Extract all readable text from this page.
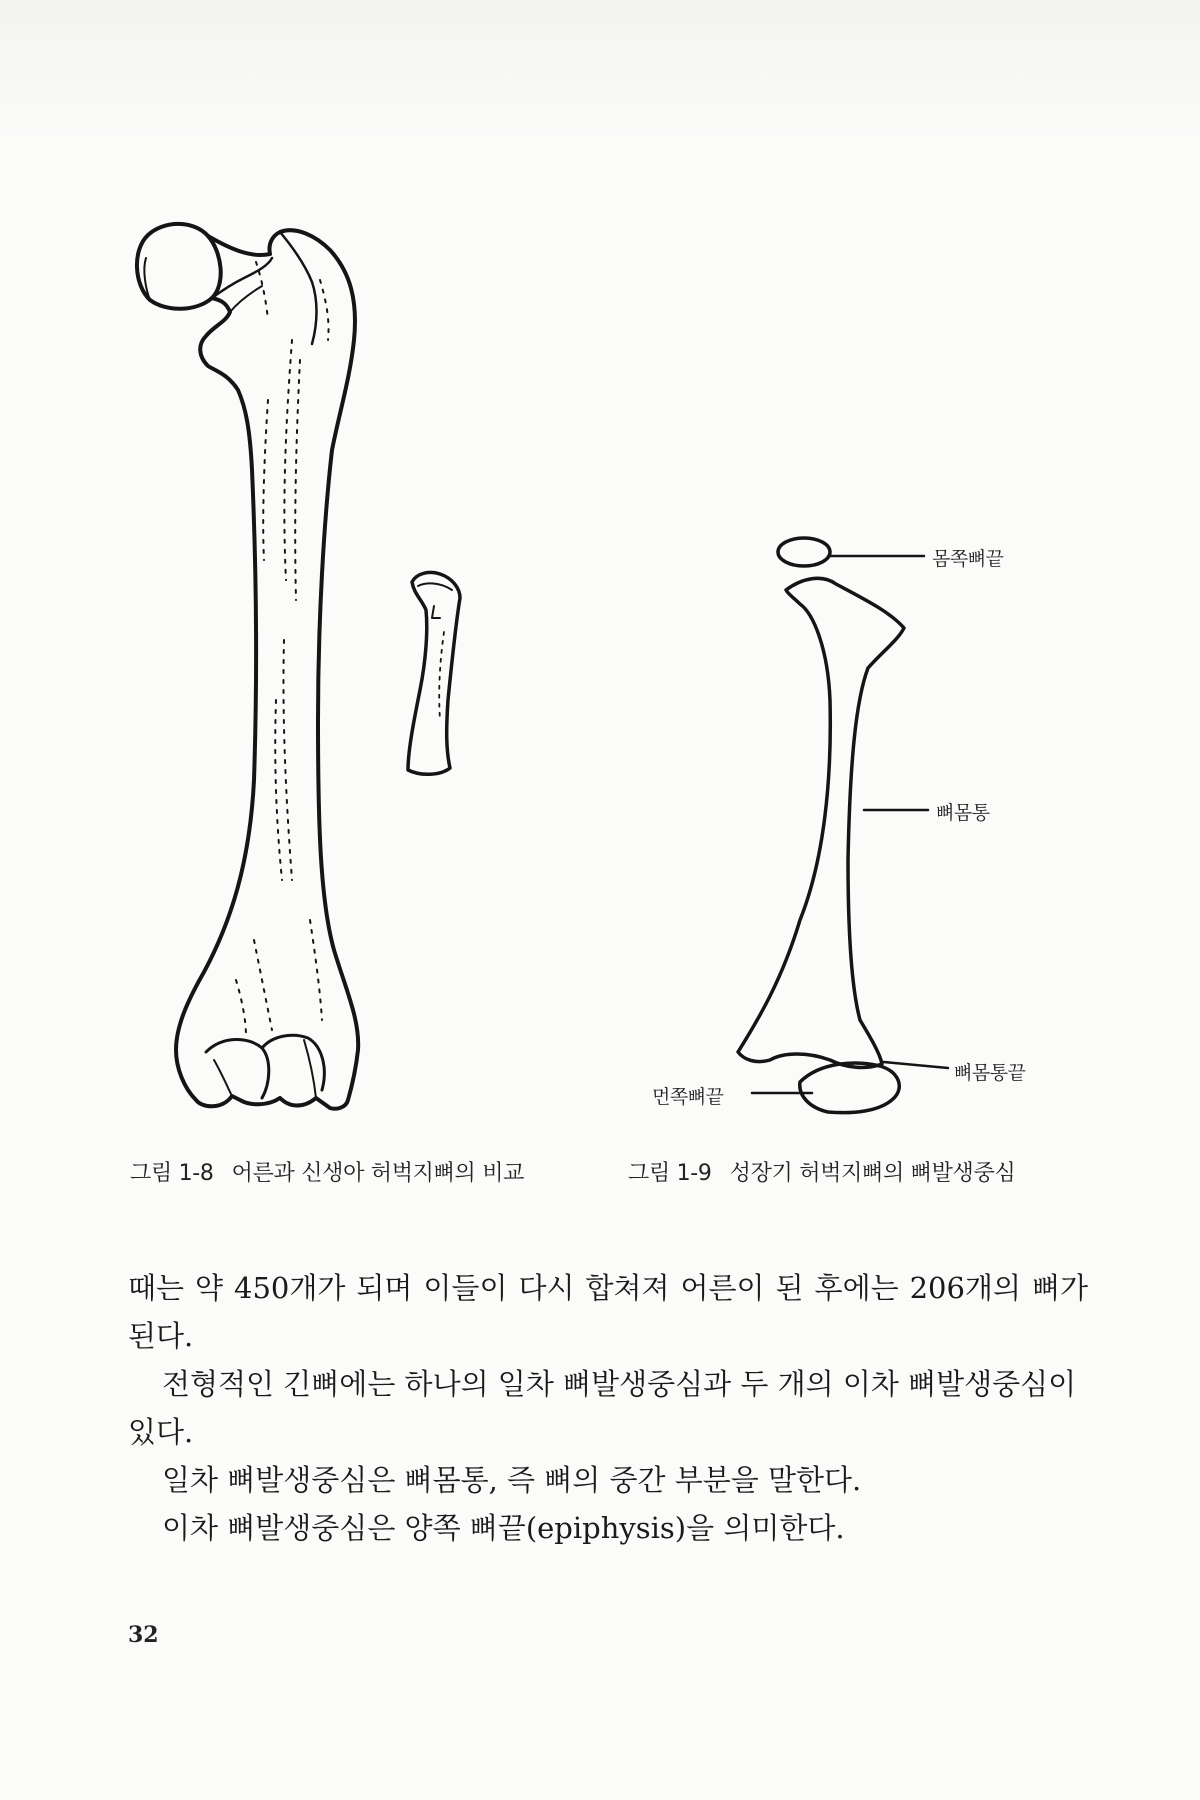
몸쪽뼈끝
뼈몸통
뼈몸통끝
먼쪽뼈끝
그림 1-8 어른과 신생아 허벅지뼈의 비교	그림 1-9 성장기 허벅지뼈의 뼈발생중심

때는 약 450개가 되며 이들이 다시 합쳐져 어른이 된 후에는 206개의 뼈가 된다.

전형적인 긴뼈에는 하나의 일차 뼈발생중심과 두 개의 이차 뼈발생중심이 있다.

일차 뼈발생중심은 뼈몸통, 즉 뼈의 중간 부분을 말한다.

이차 뼈발생중심은 양쪽 뼈끝(epiphysis)을 의미한다.

32
